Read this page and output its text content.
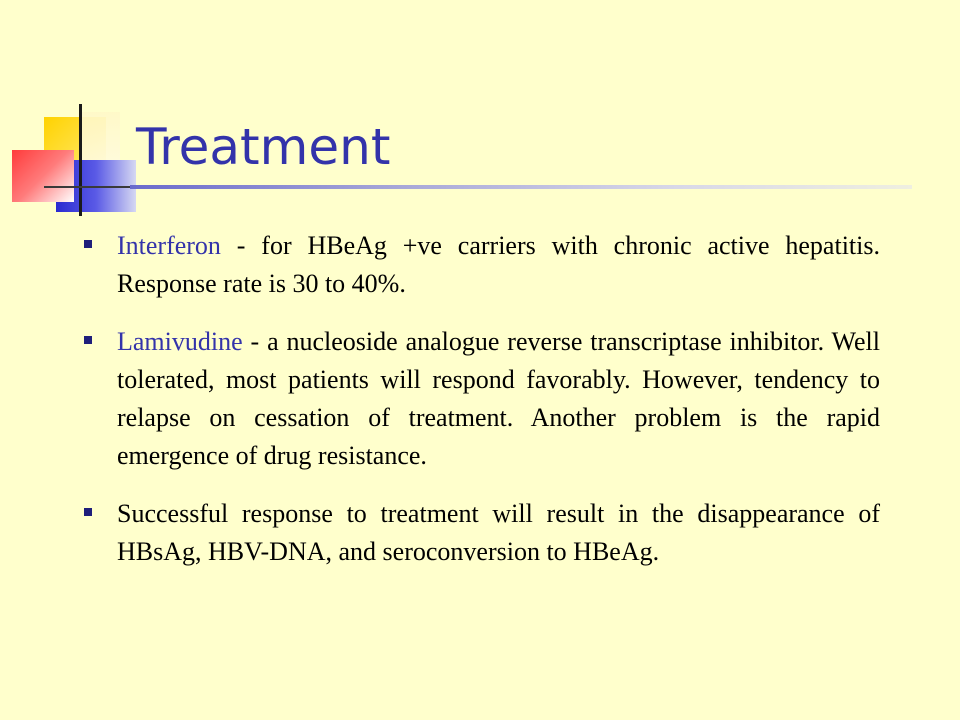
Treatment
Interferon - for HBeAg +ve carriers with chronic active hepatitis. Response rate is 30 to 40%.
Lamivudine - a nucleoside analogue reverse transcriptase inhibitor. Well tolerated, most patients will respond favorably. However, tendency to relapse on cessation of treatment. Another problem is the rapid emergence of drug resistance.
Successful response to treatment will result in the disappearance of HBsAg, HBV-DNA, and seroconversion to HBeAg.
